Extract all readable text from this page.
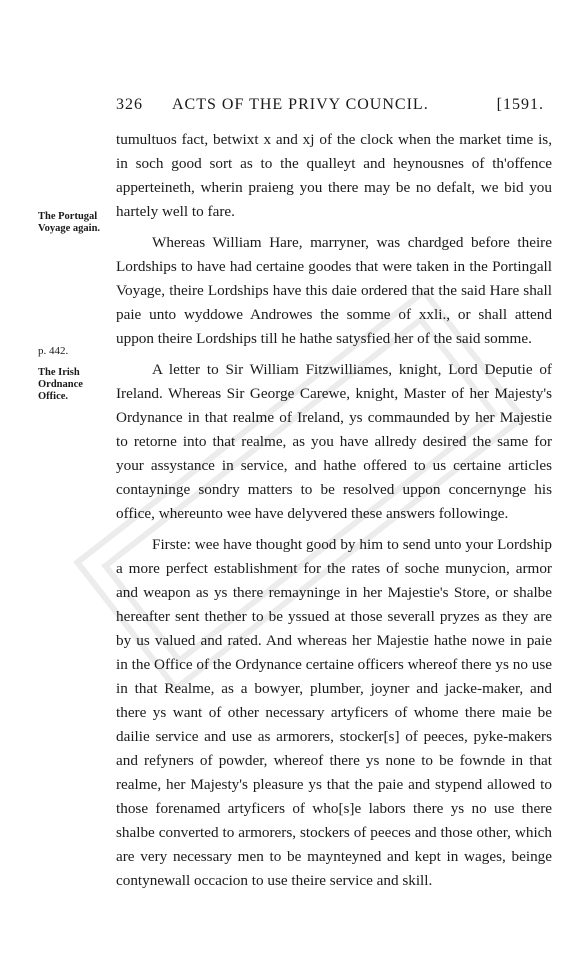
326 ACTS OF THE PRIVY COUNCIL.	[1591.
The Portugal
Voyage again.
p. 442.
The Irish
Ordnance
Office.

tumultuos fact, betwixt x and xj of the clock when the market time is, in soch good sort as to the qualleyt and heynousnes of th'offence apperteineth, wherin praieng you there may be no defalt, we bid you hartely well to fare.

Whereas William Hare, marryner, was chardged before theire Lordships to have had certaine goodes that were taken in the Portingall Voyage, theire Lordships have this daie ordered that the said Hare shall paie unto wyddowe Androwes the somme of xxli., or shall attend uppon theire Lordships till he hathe satysfied her of the said somme.

A letter to Sir William Fitzwilliames, knight, Lord Deputie of Ireland. Whereas Sir George Carewe, knight, Master of her Majesty's Ordynance in that realme of Ireland, ys commaunded by her Majestie to retorne into that realme, as you have allredy desired the same for your assystance in service, and hathe offered to us certaine articles contayninge sondry matters to be resolved uppon concernynge his office, whereunto wee have delyvered these answers followinge.

Firste: wee have thought good by him to send unto your Lordship a more perfect establishment for the rates of soche munycion, armor and weapon as ys there remayninge in her Majestie's Store, or shalbe hereafter sent thether to be yssued at those severall pryzes as they are by us valued and rated. And whereas her Majestie hathe nowe in paie in the Office of the Ordynance certaine officers whereof there ys no use in that Realme, as a bowyer, plumber, joyner and jacke-maker, and there ys want of other necessary artyficers of whome there maie be dailie service and use as armorers, stocker[s] of peeces, pyke-makers and refyners of powder, whereof there ys none to be fownde in that realme, her Majesty's pleasure ys that the paie and stypend allowed to those forenamed artyficers of who[s]e labors there ys no use there shalbe converted to armorers, stockers of peeces and those other, which are very necessary men to be maynteyned and kept in wages, beinge contynewall occacion to use theire service and skill.
